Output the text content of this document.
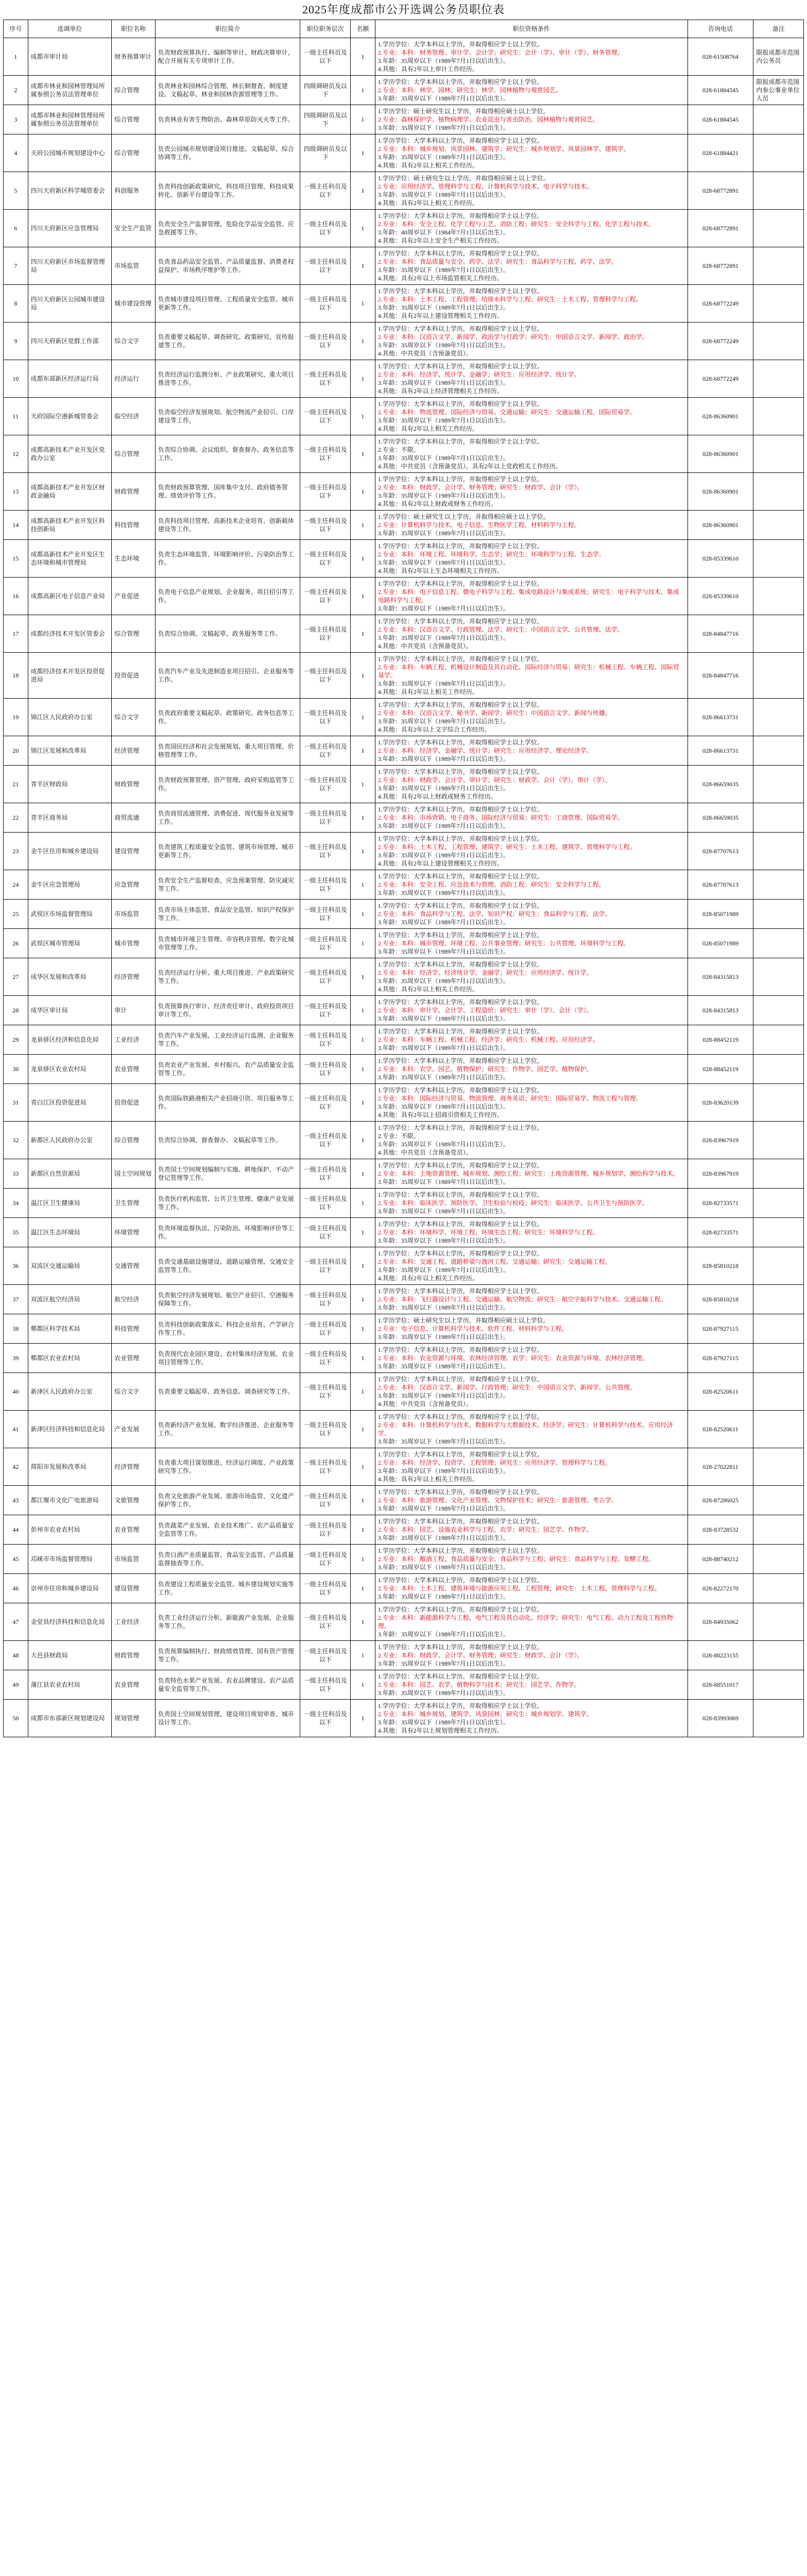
2025年度成都市公开选调公务员职位表
序号	选调单位	职位名称	职位简介	职位职务层次	名额	职位资格条件	咨询电话	备注
1	成都市审计局	财务预算审计	负责财政预算执行、编制等审计、财政决算审计，配合开展有关专项审计工作。	一级主任科员及以下	1	1.学历学位：大学本科以上学历，并取得相应学士以上学位。
2.专业：本科：财务管理、审计学、会计学；研究生：会计（学）、审计（学）、财务管理。
3.年龄：35周岁以下（1989年7月1日以后出生）。
4.其他：具有2年以上审计工作经历。	028-61508764	限报成都市范围内公务员
2	成都市林业和园林管理局所属参照公务员法管理单位	综合管理	负责林业和园林综合管理、林长制督查、制度建设、文稿起草、林业和园林资源管理等工作。	四级调研员及以下	1	1.学历学位：大学本科以上学历，并取得相应学士以上学位。
2.专业：本科：林学、园林；研究生：林学、园林植物与观赏园艺。
3.年龄：35周岁以下（1989年7月1日以后出生）。	028-61884545	限报成都市范围内参公事业单位人员
3	成都市林业和园林管理局所属参照公务员法管理单位	综合管理	负责林业有害生物防治、森林草原防灭火等工作。	四级调研员及以下	1	1.学历学位：硕士研究生以上学历，并取得相应硕士以上学位。
2.专业：森林保护学、植物病理学、农业昆虫与害虫防治、园林植物与观赏园艺。
3.年龄：35周岁以下（1989年7月1日以后出生）。	028-61884545	
4	天府公园城市规划建设中心	综合管理	负责公园城市规划建设项目推进、文稿起草、综合协调等工作。	四级调研员及以下	1	1.学历学位：大学本科以上学历，并取得相应学士以上学位。
2.专业：本科：城乡规划、风景园林、建筑学；研究生：城乡规划学、风景园林学、建筑学。
3.年龄：35周岁以下（1989年7月1日以后出生）。
4.其他：具有2年以上相关工作经历。	028-61884421	
5	四川天府新区科学城管委会	科创服务	负责科技创新政策研究、科技项目管理、科技成果转化、创新平台建设等工作。	一级主任科员及以下	1	1.学历学位：硕士研究生以上学历，并取得相应硕士以上学位。
2.专业：应用经济学、管理科学与工程、计算机科学与技术、电子科学与技术。
3.年龄：35周岁以下（1989年7月1日以后出生）。
4.其他：具有2年以上相关工作经历。	028-68772891	
6	四川天府新区应急管理局	安全生产监管	负责安全生产监督管理、危险化学品安全监管、应急救援等工作。	一级主任科员及以下	1	1.学历学位：大学本科以上学历，并取得相应学士以上学位。
2.专业：本科：安全工程、化学工程与工艺、消防工程；研究生：安全科学与工程、化学工程与技术。
3.年龄：40周岁以下（1984年7月1日以后出生）。
4.其他：具有2年以上安全生产相关工作经历。	028-68772891	
7	四川天府新区市场监督管理局	市场监管	负责食品药品安全监管、产品质量监督、消费者权益保护、市场秩序维护等工作。	一级主任科员及以下	1	1.学历学位：大学本科以上学历，并取得相应学士以上学位。
2.专业：本科：食品质量与安全、药学、法学；研究生：食品科学与工程、药学、法学。
3.年龄：35周岁以下（1989年7月1日以后出生）。
4.其他：具有2年以上市场监管相关工作经历。	028-68772891	
8	四川天府新区公园城市建设局	城市建设管理	负责城市建设项目管理、工程质量安全监管、城市更新等工作。	一级主任科员及以下	1	1.学历学位：大学本科以上学历，并取得相应学士以上学位。
2.专业：本科：土木工程、工程管理、给排水科学与工程；研究生：土木工程、管理科学与工程。
3.年龄：35周岁以下（1989年7月1日以后出生）。
4.其他：具有2年以上建设管理相关工作经历。	028-68772249	
9	四川天府新区党群工作部	综合文字	负责重要文稿起草、调查研究、政策研究、宣传报道等工作。	一级主任科员及以下	1	1.学历学位：大学本科以上学历，并取得相应学士以上学位。
2.专业：本科：汉语言文学、新闻学、政治学与行政学；研究生：中国语言文学、新闻学、政治学。
3.年龄：35周岁以下（1989年7月1日以后出生）。
4.其他：中共党员（含预备党员）。	028-68772249	
10	成都东部新区经济运行局	经济运行	负责经济运行监测分析、产业政策研究、重大项目推进等工作。	一级主任科员及以下	1	1.学历学位：大学本科以上学历，并取得相应学士以上学位。
2.专业：本科：经济学、统计学、金融学；研究生：应用经济学、统计学。
3.年龄：35周岁以下（1989年7月1日以后出生）。
4.其他：具有2年以上经济管理相关工作经历。	028-68772249	
11	天府国际空港新城管委会	临空经济	负责临空经济发展规划、航空物流产业招引、口岸建设等工作。	一级主任科员及以下	1	1.学历学位：大学本科以上学历，并取得相应学士以上学位。
2.专业：本科：物流管理、国际经济与贸易、交通运输；研究生：交通运输工程、国际贸易学。
3.年龄：35周岁以下（1989年7月1日以后出生）。
4.其他：具有2年以上相关工作经历。	028-86360901	
12	成都高新技术产业开发区党政办公室	综合管理	负责综合协调、会议组织、督查督办、政务信息等工作。	一级主任科员及以下	1	1.学历学位：大学本科以上学历，并取得相应学士以上学位。
2.专业：不限。
3.年龄：35周岁以下（1989年7月1日以后出生）。
4.其他：中共党员（含预备党员），具有2年以上党政机关工作经历。	028-86360901	
13	成都高新技术产业开发区财政金融局	财政管理	负责财政预算管理、国库集中支付、政府债务管理、绩效评价等工作。	一级主任科员及以下	1	1.学历学位：大学本科以上学历，并取得相应学士以上学位。
2.专业：本科：财政学、会计学、财务管理；研究生：财政学、会计（学）。
3.年龄：35周岁以下（1989年7月1日以后出生）。
4.其他：具有2年以上财政或财务工作经历。	028-86360901	
14	成都高新技术产业开发区科技创新局	科技管理	负责科技项目管理、高新技术企业培育、创新载体建设等工作。	一级主任科员及以下	1	1.学历学位：硕士研究生以上学历，并取得相应硕士以上学位。
2.专业：计算机科学与技术、电子信息、生物医学工程、材料科学与工程。
3.年龄：35周岁以下（1989年7月1日以后出生）。	028-86360901	
15	成都高新技术产业开发区生态环境和城市管理局	生态环境	负责生态环境监管、环境影响评价、污染防治等工作。	一级主任科员及以下	1	1.学历学位：大学本科以上学历，并取得相应学士以上学位。
2.专业：本科：环境工程、环境科学、生态学；研究生：环境科学与工程、生态学。
3.年龄：35周岁以下（1989年7月1日以后出生）。
4.其他：具有2年以上生态环境相关工作经历。	028-85339610	
16	成都高新区电子信息产业局	产业促进	负责电子信息产业规划、企业服务、项目招引等工作。	一级主任科员及以下	1	1.学历学位：大学本科以上学历，并取得相应学士以上学位。
2.专业：本科：电子信息工程、微电子科学与工程、集成电路设计与集成系统；研究生：电子科学与技术、集成电路科学与工程。
3.年龄：35周岁以下（1989年7月1日以后出生）。	028-85339610	
17	成都经济技术开发区管委会	综合管理	负责综合协调、文稿起草、政务服务等工作。	一级主任科员及以下	1	1.学历学位：大学本科以上学历，并取得相应学士以上学位。
2.专业：本科：汉语言文学、行政管理、法学；研究生：中国语言文学、公共管理、法学。
3.年龄：35周岁以下（1989年7月1日以后出生）。
4.其他：中共党员（含预备党员）。	028-84847716	
18	成都经济技术开发区投资促进局	投资促进	负责汽车产业及先进制造业项目招引、企业服务等工作。	一级主任科员及以下	1	1.学历学位：大学本科以上学历，并取得相应学士以上学位。
2.专业：本科：车辆工程、机械设计制造及其自动化、国际经济与贸易；研究生：机械工程、车辆工程、国际贸易学。
3.年龄：35周岁以下（1989年7月1日以后出生）。
4.其他：具有2年以上相关工作经历。	028-84847716	
19	锦江区人民政府办公室	综合文字	负责政府重要文稿起草、政策研究、政务信息等工作。	一级主任科员及以下	1	1.学历学位：大学本科以上学历，并取得相应学士以上学位。
2.专业：本科：汉语言文学、秘书学、新闻学；研究生：中国语言文学、新闻与传播。
3.年龄：35周岁以下（1989年7月1日以后出生）。
4.其他：具有2年以上文字综合工作经历。	028-86613731	
20	锦江区发展和改革局	经济管理	负责国民经济和社会发展规划、重大项目管理、价格管理等工作。	一级主任科员及以下	1	1.学历学位：大学本科以上学历，并取得相应学士以上学位。
2.专业：本科：经济学、金融学、统计学；研究生：应用经济学、理论经济学。
3.年龄：35周岁以下（1989年7月1日以后出生）。	028-86613731	
21	青羊区财政局	财政管理	负责财政预算管理、资产管理、政府采购监管等工作。	一级主任科员及以下	1	1.学历学位：大学本科以上学历，并取得相应学士以上学位。
2.专业：本科：财政学、会计学、审计学；研究生：财政学、会计（学）、审计（学）。
3.年龄：35周岁以下（1989年7月1日以后出生）。
4.其他：具有2年以上财政或财务工作经历。	028-86659035	
22	青羊区商务局	商贸流通	负责商贸流通管理、消费促进、现代服务业发展等工作。	一级主任科员及以下	1	1.学历学位：大学本科以上学历，并取得相应学士以上学位。
2.专业：本科：市场营销、电子商务、国际经济与贸易；研究生：工商管理、国际贸易学。
3.年龄：35周岁以下（1989年7月1日以后出生）。	028-86659035	
23	金牛区住房和城乡建设局	建设管理	负责建筑工程质量安全监管、建筑市场管理、城市更新等工作。	一级主任科员及以下	1	1.学历学位：大学本科以上学历，并取得相应学士以上学位。
2.专业：本科：土木工程、工程管理、建筑学；研究生：土木工程、建筑学、管理科学与工程。
3.年龄：35周岁以下（1989年7月1日以后出生）。
4.其他：具有2年以上建设管理相关工作经历。	028-87707613	
24	金牛区应急管理局	应急管理	负责安全生产监督检查、应急预案管理、防灾减灾等工作。	一级主任科员及以下	1	1.学历学位：大学本科以上学历，并取得相应学士以上学位。
2.专业：本科：安全工程、应急技术与管理、消防工程；研究生：安全科学与工程。
3.年龄：35周岁以下（1989年7月1日以后出生）。	028-87707613	
25	武侯区市场监督管理局	市场监管	负责市场主体监管、食品安全监管、知识产权保护等工作。	一级主任科员及以下	1	1.学历学位：大学本科以上学历，并取得相应学士以上学位。
2.专业：本科：食品科学与工程、法学、知识产权；研究生：食品科学与工程、法学。
3.年龄：35周岁以下（1989年7月1日以后出生）。	028-85071989	
26	武侯区城市管理局	城市管理	负责城市环境卫生管理、市容秩序管理、数字化城市管理等工作。	一级主任科员及以下	1	1.学历学位：大学本科以上学历，并取得相应学士以上学位。
2.专业：本科：城市管理、环境工程、公共事业管理；研究生：公共管理、环境科学与工程。
3.年龄：35周岁以下（1989年7月1日以后出生）。	028-85071989	
27	成华区发展和改革局	经济管理	负责经济运行分析、重大项目推进、产业政策研究等工作。	一级主任科员及以下	1	1.学历学位：大学本科以上学历，并取得相应学士以上学位。
2.专业：本科：经济学、经济统计学、金融学；研究生：应用经济学、统计学。
3.年龄：35周岁以下（1989年7月1日以后出生）。
4.其他：具有2年以上相关工作经历。	028-84315813	
28	成华区审计局	审计	负责预算执行审计、经济责任审计、政府投资项目审计等工作。	一级主任科员及以下	1	1.学历学位：大学本科以上学历，并取得相应学士以上学位。
2.专业：本科：审计学、会计学、工程造价；研究生：审计（学）、会计（学）。
3.年龄：35周岁以下（1989年7月1日以后出生）。	028-84315813	
29	龙泉驿区经济和信息化局	工业经济	负责汽车产业发展、工业经济运行监测、企业服务等工作。	一级主任科员及以下	1	1.学历学位：大学本科以上学历，并取得相应学士以上学位。
2.专业：本科：车辆工程、机械工程、经济学；研究生：机械工程、应用经济学。
3.年龄：35周岁以下（1989年7月1日以后出生）。	028-88452119	
30	龙泉驿区农业农村局	农业管理	负责农业产业发展、乡村振兴、农产品质量安全监管等工作。	一级主任科员及以下	1	1.学历学位：大学本科以上学历，并取得相应学士以上学位。
2.专业：本科：农学、园艺、植物保护；研究生：作物学、园艺学、植物保护。
3.年龄：35周岁以下（1989年7月1日以后出生）。	028-88452119	
31	青白江区投资促进局	投资促进	负责国际铁路港相关产业招商引资、项目服务等工作。	一级主任科员及以下	1	1.学历学位：大学本科以上学历，并取得相应学士以上学位。
2.专业：本科：国际经济与贸易、物流管理、商务英语；研究生：国际贸易学、物流工程与管理。
3.年龄：35周岁以下（1989年7月1日以后出生）。
4.其他：具有2年以上招商引资相关工作经历。	028-83620139	
32	新都区人民政府办公室	综合管理	负责综合协调、督查督办、文稿起草等工作。	一级主任科员及以下	1	1.学历学位：大学本科以上学历，并取得相应学士以上学位。
2.专业：不限。
3.年龄：35周岁以下（1989年7月1日以后出生）。
4.其他：中共党员（含预备党员）。	028-83967919	
33	新都区自然资源局	国土空间规划	负责国土空间规划编制与实施、耕地保护、不动产登记管理等工作。	一级主任科员及以下	1	1.学历学位：大学本科以上学历，并取得相应学士以上学位。
2.专业：本科：土地资源管理、城乡规划、测绘工程；研究生：土地资源管理、城乡规划学、测绘科学与技术。
3.年龄：35周岁以下（1989年7月1日以后出生）。	028-83967919	
34	温江区卫生健康局	卫生管理	负责医疗机构监管、公共卫生管理、健康产业发展等工作。	一级主任科员及以下	1	1.学历学位：大学本科以上学历，并取得相应学士以上学位。
2.专业：本科：临床医学、预防医学、卫生检验与检疫；研究生：临床医学、公共卫生与预防医学。
3.年龄：35周岁以下（1989年7月1日以后出生）。	028-82733571	
35	温江区生态环境局	环境管理	负责环境监督执法、污染防治、环境影响评价等工作。	一级主任科员及以下	1	1.学历学位：大学本科以上学历，并取得相应学士以上学位。
2.专业：本科：环境科学、环境工程、环境生态工程；研究生：环境科学与工程。
3.年龄：35周岁以下（1989年7月1日以后出生）。	028-82733571	
36	双流区交通运输局	交通管理	负责交通基础设施建设、道路运输管理、交通安全监管等工作。	一级主任科员及以下	1	1.学历学位：大学本科以上学历，并取得相应学士以上学位。
2.专业：本科：交通工程、道路桥梁与渡河工程、交通运输；研究生：交通运输工程。
3.年龄：35周岁以下（1989年7月1日以后出生）。
4.其他：具有2年以上相关工作经历。	028-85810218	
37	双流区航空经济局	航空经济	负责航空经济发展规划、航空产业招引、空港服务保障等工作。	一级主任科员及以下	1	1.学历学位：大学本科以上学历，并取得相应学士以上学位。
2.专业：本科：飞行器设计与工程、交通运输、航空物流；研究生：航空宇航科学与技术、交通运输工程。
3.年龄：35周岁以下（1989年7月1日以后出生）。	028-85810218	
38	郫都区科学技术局	科技管理	负责科技创新政策落实、科技企业培育、产学研合作等工作。	一级主任科员及以下	1	1.学历学位：硕士研究生以上学历，并取得相应硕士以上学位。
2.专业：电子信息、计算机科学与技术、软件工程、材料科学与工程。
3.年龄：35周岁以下（1989年7月1日以后出生）。	028-87927115	
39	郫都区农业农村局	农业管理	负责现代农业园区建设、农村集体经济发展、农业项目管理等工作。	一级主任科员及以下	1	1.学历学位：大学本科以上学历，并取得相应学士以上学位。
2.专业：本科：农业资源与环境、农林经济管理、农学；研究生：农业资源与环境、农林经济管理。
3.年龄：35周岁以下（1989年7月1日以后出生）。	028-87927115	
40	新津区人民政府办公室	综合文字	负责重要文稿起草、政务信息、调查研究等工作。	一级主任科员及以下	1	1.学历学位：大学本科以上学历，并取得相应学士以上学位。
2.专业：本科：汉语言文学、新闻学、行政管理；研究生：中国语言文学、新闻学、公共管理。
3.年龄：35周岁以下（1989年7月1日以后出生）。
4.其他：中共党员（含预备党员）。	028-82520611	
41	新津区经济科技和信息化局	产业发展	负责新经济产业发展、数字经济推进、企业服务等工作。	一级主任科员及以下	1	1.学历学位：大学本科以上学历，并取得相应学士以上学位。
2.专业：本科：计算机科学与技术、数据科学与大数据技术、经济学；研究生：计算机科学与技术、应用经济学。
3.年龄：35周岁以下（1989年7月1日以后出生）。	028-82520611	
42	简阳市发展和改革局	经济管理	负责重大项目谋划推进、经济运行调度、产业政策研究等工作。	一级主任科员及以下	1	1.学历学位：大学本科以上学历，并取得相应学士以上学位。
2.专业：本科：经济学、投资学、工程管理；研究生：应用经济学、管理科学与工程。
3.年龄：35周岁以下（1989年7月1日以后出生）。
4.其他：具有2年以上相关工作经历。	028-27022811	
43	都江堰市文化广电旅游局	文旅管理	负责文化旅游产业发展、旅游市场监管、文化遗产保护等工作。	一级主任科员及以下	1	1.学历学位：大学本科以上学历，并取得相应学士以上学位。
2.专业：本科：旅游管理、文化产业管理、文物保护技术；研究生：旅游管理、考古学。
3.年龄：35周岁以下（1989年7月1日以后出生）。	028-87286025	
44	彭州市农业农村局	农业管理	负责蔬菜产业发展、农业技术推广、农产品质量安全监管等工作。	一级主任科员及以下	1	1.学历学位：大学本科以上学历，并取得相应学士以上学位。
2.专业：本科：园艺、设施农业科学与工程、农学；研究生：园艺学、作物学。
3.年龄：35周岁以下（1989年7月1日以后出生）。	028-83728532	
45	邛崃市市场监督管理局	市场监管	负责白酒产业质量监管、食品安全监管、产品质量监督抽查等工作。	一级主任科员及以下	1	1.学历学位：大学本科以上学历，并取得相应学士以上学位。
2.专业：本科：酿酒工程、食品质量与安全、食品科学与工程；研究生：食品科学与工程、发酵工程。
3.年龄：35周岁以下（1989年7月1日以后出生）。	028-88740212	
46	崇州市住房和城乡建设局	建设管理	负责建设工程质量安全监管、城乡建设规划实施等工作。	一级主任科员及以下	1	1.学历学位：大学本科以上学历，并取得相应学士以上学位。
2.专业：本科：土木工程、建筑环境与能源应用工程、工程管理；研究生：土木工程、管理科学与工程。
3.年龄：35周岁以下（1989年7月1日以后出生）。	028-82272170	
47	金堂县经济科技和信息化局	工业经济	负责工业经济运行分析、新能源产业发展、企业服务等工作。	一级主任科员及以下	1	1.学历学位：大学本科以上学历，并取得相应学士以上学位。
2.专业：本科：新能源科学与工程、电气工程及其自动化、经济学；研究生：电气工程、动力工程及工程热物理。
3.年龄：35周岁以下（1989年7月1日以后出生）。	028-84935062	
48	大邑县财政局	财政管理	负责预算编制执行、财政绩效管理、国有资产管理等工作。	一级主任科员及以下	1	1.学历学位：大学本科以上学历，并取得相应学士以上学位。
2.专业：本科：财政学、会计学、财务管理；研究生：财政学、会计（学）。
3.年龄：35周岁以下（1989年7月1日以后出生）。	028-88223155	
49	蒲江县农业农村局	农业管理	负责特色水果产业发展、农业品牌建设、农产品质量安全监管等工作。	一级主任科员及以下	1	1.学历学位：大学本科以上学历，并取得相应学士以上学位。
2.专业：本科：园艺、农学、植物科学与技术；研究生：园艺学、作物学。
3.年龄：35周岁以下（1989年7月1日以后出生）。	028-88551017	
50	成都市东部新区规划建设局	规划管理	负责国土空间规划管理、建设项目规划审查、城市设计等工作。	一级主任科员及以下	1	1.学历学位：大学本科以上学历，并取得相应学士以上学位。
2.专业：本科：城乡规划、建筑学、风景园林；研究生：城乡规划学、建筑学。
3.年龄：35周岁以下（1989年7月1日以后出生）。
4.其他：具有2年以上规划管理相关工作经历。	028-83993069	
